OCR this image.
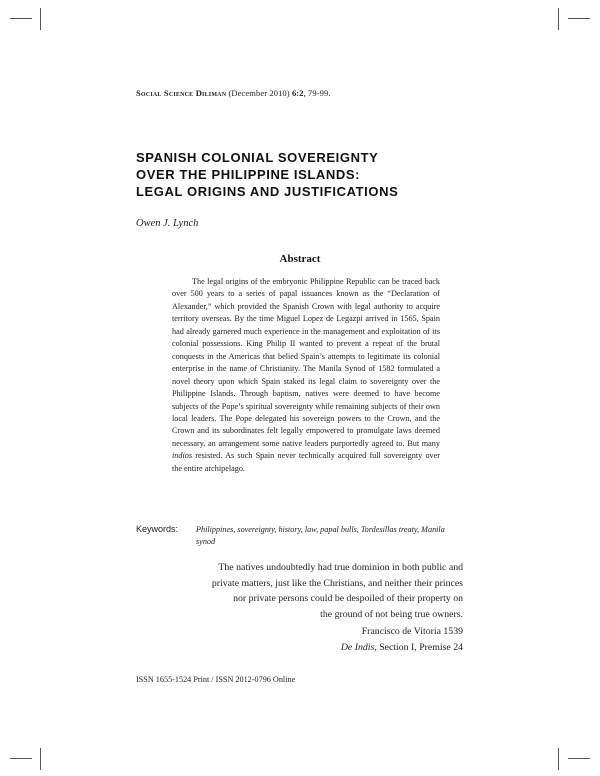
Social Science Diliman (December 2010) 6:2, 79-99.
SPANISH COLONIAL SOVEREIGNTY
OVER THE PHILIPPINE ISLANDS:
LEGAL ORIGINS AND JUSTIFICATIONS
Owen J. Lynch
Abstract

The legal origins of the embryonic Philippine Republic can be traced back over 500 years to a series of papal issuances known as the “Declaration of Alexander,” which provided the Spanish Crown with legal authority to acquire territory overseas. By the time Miguel Lopez de Legazpi arrived in 1565, Spain had already garnered much experience in the management and exploitation of its colonial possessions. King Philip II wanted to prevent a repeat of the brutal conquests in the Americas that belied Spain’s attempts to legitimate its colonial enterprise in the name of Christianity. The Manila Synod of 1582 formulated a novel theory upon which Spain staked its legal claim to sovereignty over the Philippine Islands. Through baptism, natives were deemed to have become subjects of the Pope’s spiritual sovereignty while remaining subjects of their own local leaders. The Pope delegated his sovereign powers to the Crown, and the Crown and its subordinates felt legally empowered to promulgate laws deemed necessary, an arrangement some native leaders purportedly agreed to. But many indios resisted. As such Spain never technically acquired full sovereignty over the entire archipelago.

Keywords: Philippines, sovereignty, history, law, papal bulls, Tordesillas treaty, Manila synod

The natives undoubtedly had true dominion in both public and

private matters, just like the Christians, and neither their princes

nor private persons could be despoiled of their property on

the ground of not being true owners.

Francisco de Vitoria 1539
De Indis, Section I, Premise 24
ISSN 1655-1524 Print / ISSN 2012-0796 Online
